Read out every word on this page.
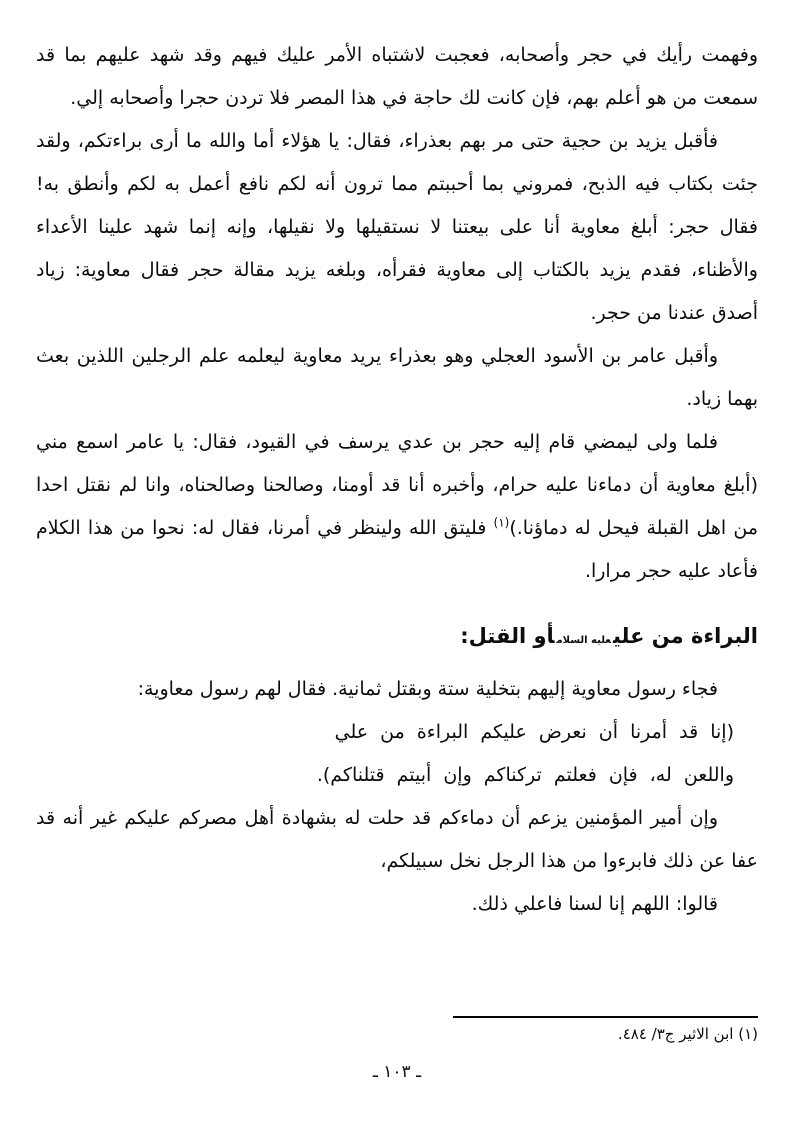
وفهمت رأيك في حجر وأصحابه، فعجبت لاشتباه الأمر عليك فيهم وقد شهد عليهم بما قد سمعت من هو أعلم بهم، فإن كانت لك حاجة في هذا المصر فلا تردن حجرا وأصحابه إلي.

فأقبل يزيد بن حجية حتى مر بهم بعذراء، فقال: يا هؤلاء أما والله ما أرى براءتكم، ولقد جئت بكتاب فيه الذبح، فمروني بما أحببتم مما ترون أنه لكم نافع أعمل به لكم وأنطق به! فقال حجر: أبلغ معاوية أنا على بيعتنا لا نستقيلها ولا نقيلها، وإنه إنما شهد علينا الأعداء والأظناء، فقدم يزيد بالكتاب إلى معاوية فقرأه، وبلغه يزيد مقالة حجر فقال معاوية: زياد أصدق عندنا من حجر.

وأقبل عامر بن الأسود العجلي وهو بعذراء يريد معاوية ليعلمه علم الرجلين اللذين بعث بهما زياد.

فلما ولى ليمضي قام إليه حجر بن عدي يرسف في القيود، فقال: يا عامر اسمع مني (أبلغ معاوية أن دماءنا عليه حرام، وأخبره أنا قد أومنا، وصالحنا وصالحناه، وانا لم نقتل احدا من اهل القبلة فيحل له دماؤنا.)$^{(١)}$ فليتق الله ولينظر في أمرنا، فقال له: نحوا من هذا الكلام فأعاد عليه حجر مرارا.

البراءة من عليعليه السلامأو القتل:

فجاء رسول معاوية إليهم بتخلية ستة وبقتل ثمانية. فقال لهم رسول معاوية:

(إنا قد أمرنا أن نعرض عليكم البراءة من علي

واللعن له، فإن فعلتم تركناكم وإن أبيتم قتلناكم).

وإن أمير المؤمنين يزعم أن دماءكم قد حلت له بشهادة أهل مصركم عليكم غير أنه قد عفا عن ذلك فابرءوا من هذا الرجل نخل سبيلكم،

قالوا: اللهم إنا لسنا فاعلي ذلك.

(١) ابن الاثير ج٣/ ٤٨٤.
ـ ١٠٣ ـ
